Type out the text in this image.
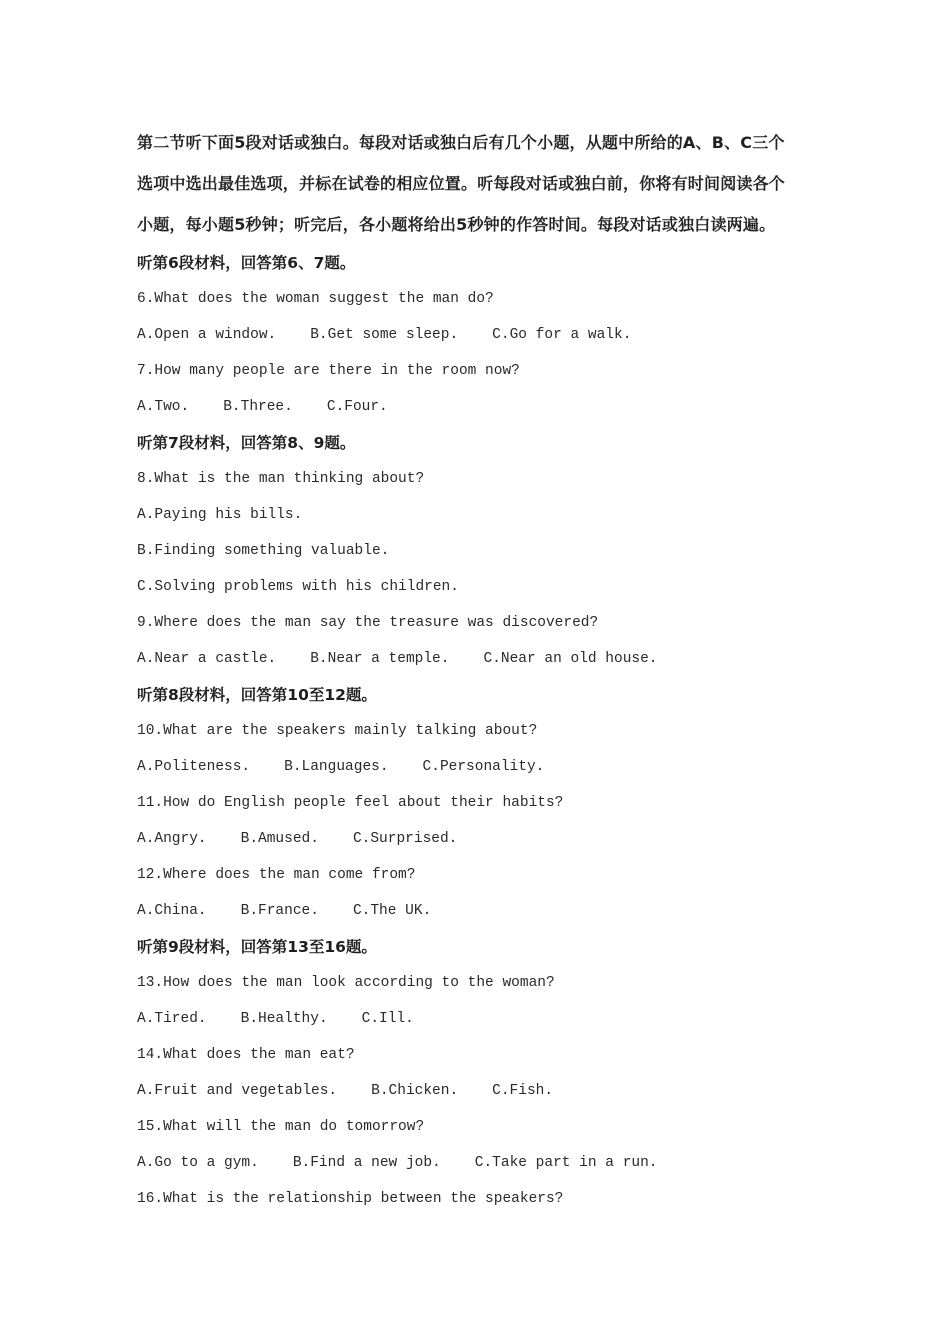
第二节听下面5段对话或独白。每段对话或独白后有几个小题，从题中所给的A、B、C三个

选项中选出最佳选项，并标在试卷的相应位置。听每段对话或独白前，你将有时间阅读各个

小题，每小题5秒钟；听完后，各小题将给出5秒钟的作答时间。每段对话或独白读两遍。

听第6段材料，回答第6、7题。
6.What does the woman suggest the man do?
A.Open a window. B.Get some sleep. C.Go for a walk.
7.How many people are there in the room now?
A.Two. B.Three. C.Four.
听第7段材料，回答第8、9题。
8.What is the man thinking about?
A.Paying his bills.
B.Finding something valuable.
C.Solving problems with his children.
9.Where does the man say the treasure was discovered?
A.Near a castle. B.Near a temple. C.Near an old house.
听第8段材料，回答第10至12题。
10.What are the speakers mainly talking about?
A.Politeness. B.Languages. C.Personality.
11.How do English people feel about their habits?
A.Angry. B.Amused. C.Surprised.
12.Where does the man come from?
A.China. B.France. C.The UK.
听第9段材料，回答第13至16题。
13.How does the man look according to the woman?
A.Tired. B.Healthy. C.Ill.
14.What does the man eat?
A.Fruit and vegetables. B.Chicken. C.Fish.
15.What will the man do tomorrow?
A.Go to a gym. B.Find a new job. C.Take part in a run.
16.What is the relationship between the speakers?
